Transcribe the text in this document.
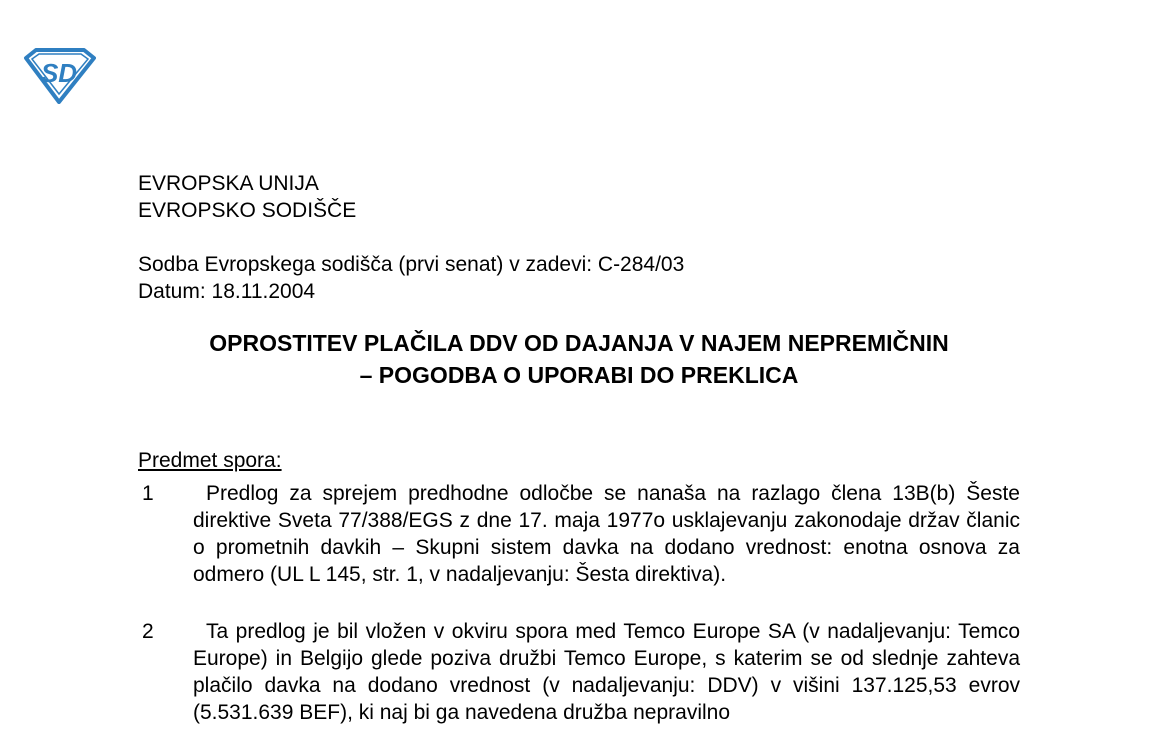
SD
EVROPSKA UNIJA
EVROPSKO SODIŠČE
Sodba Evropskega sodišča (prvi senat) v zadevi: C-284/03
Datum: 18.11.2004
OPROSTITEV PLAČILA DDV OD DAJANJA V NAJEM NEPREMIČNIN
– POGODBA O UPORABI DO PREKLICA
Predmet spora:
1	Predlog za sprejem predhodne odločbe se nanaša na razlago člena 13B(b) Šeste direktive Sveta 77/388/EGS z dne 17. maja 1977o usklajevanju zakonodaje držav članic o prometnih davkih – Skupni sistem davka na dodano vrednost: enotna osnova za odmero (UL L 145, str. 1, v nadaljevanju: Šesta direktiva).
2	Ta predlog je bil vložen v okviru spora med Temco Europe SA (v nadaljevanju: Temco Europe) in Belgijo glede poziva družbi Temco Europe, s katerim se od slednje zahteva plačilo davka na dodano vrednost (v nadaljevanju: DDV) v višini 137.125,53 evrov (5.531.639 BEF), ki naj bi ga navedena družba nepravilno
